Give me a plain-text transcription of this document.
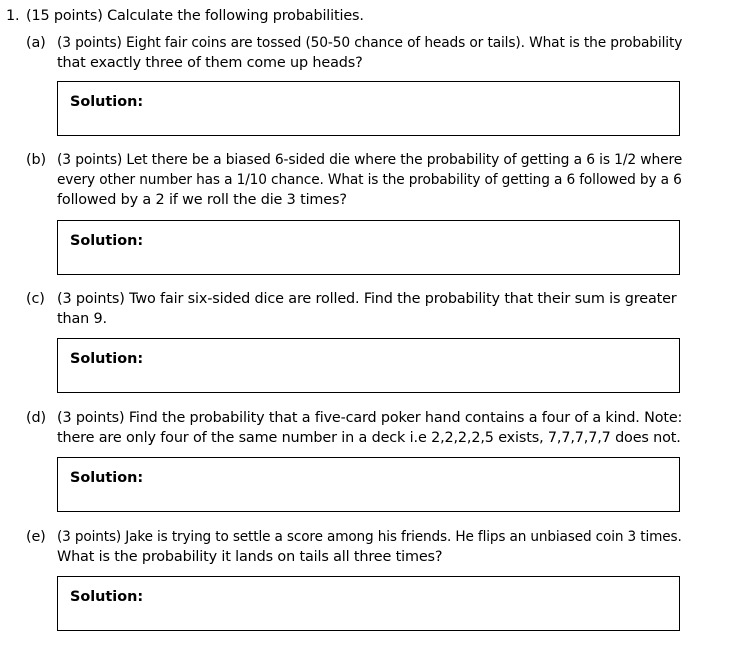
1. (15 points) Calculate the following probabilities.
(a) (3 points) Eight fair coins are tossed (50-50 chance of heads or tails). What is the probability
that exactly three of them come up heads?
Solution:
(b) (3 points) Let there be a biased 6-sided die where the probability of getting a 6 is 1/2 where
every other number has a 1/10 chance. What is the probability of getting a 6 followed by a 6
followed by a 2 if we roll the die 3 times?
Solution:
(c) (3 points) Two fair six-sided dice are rolled. Find the probability that their sum is greater
than 9.
Solution:
(d) (3 points) Find the probability that a five-card poker hand contains a four of a kind. Note:
there are only four of the same number in a deck i.e 2,2,2,2,5 exists, 7,7,7,7,7 does not.
Solution:
(e) (3 points) Jake is trying to settle a score among his friends. He flips an unbiased coin 3 times.
What is the probability it lands on tails all three times?
Solution:
